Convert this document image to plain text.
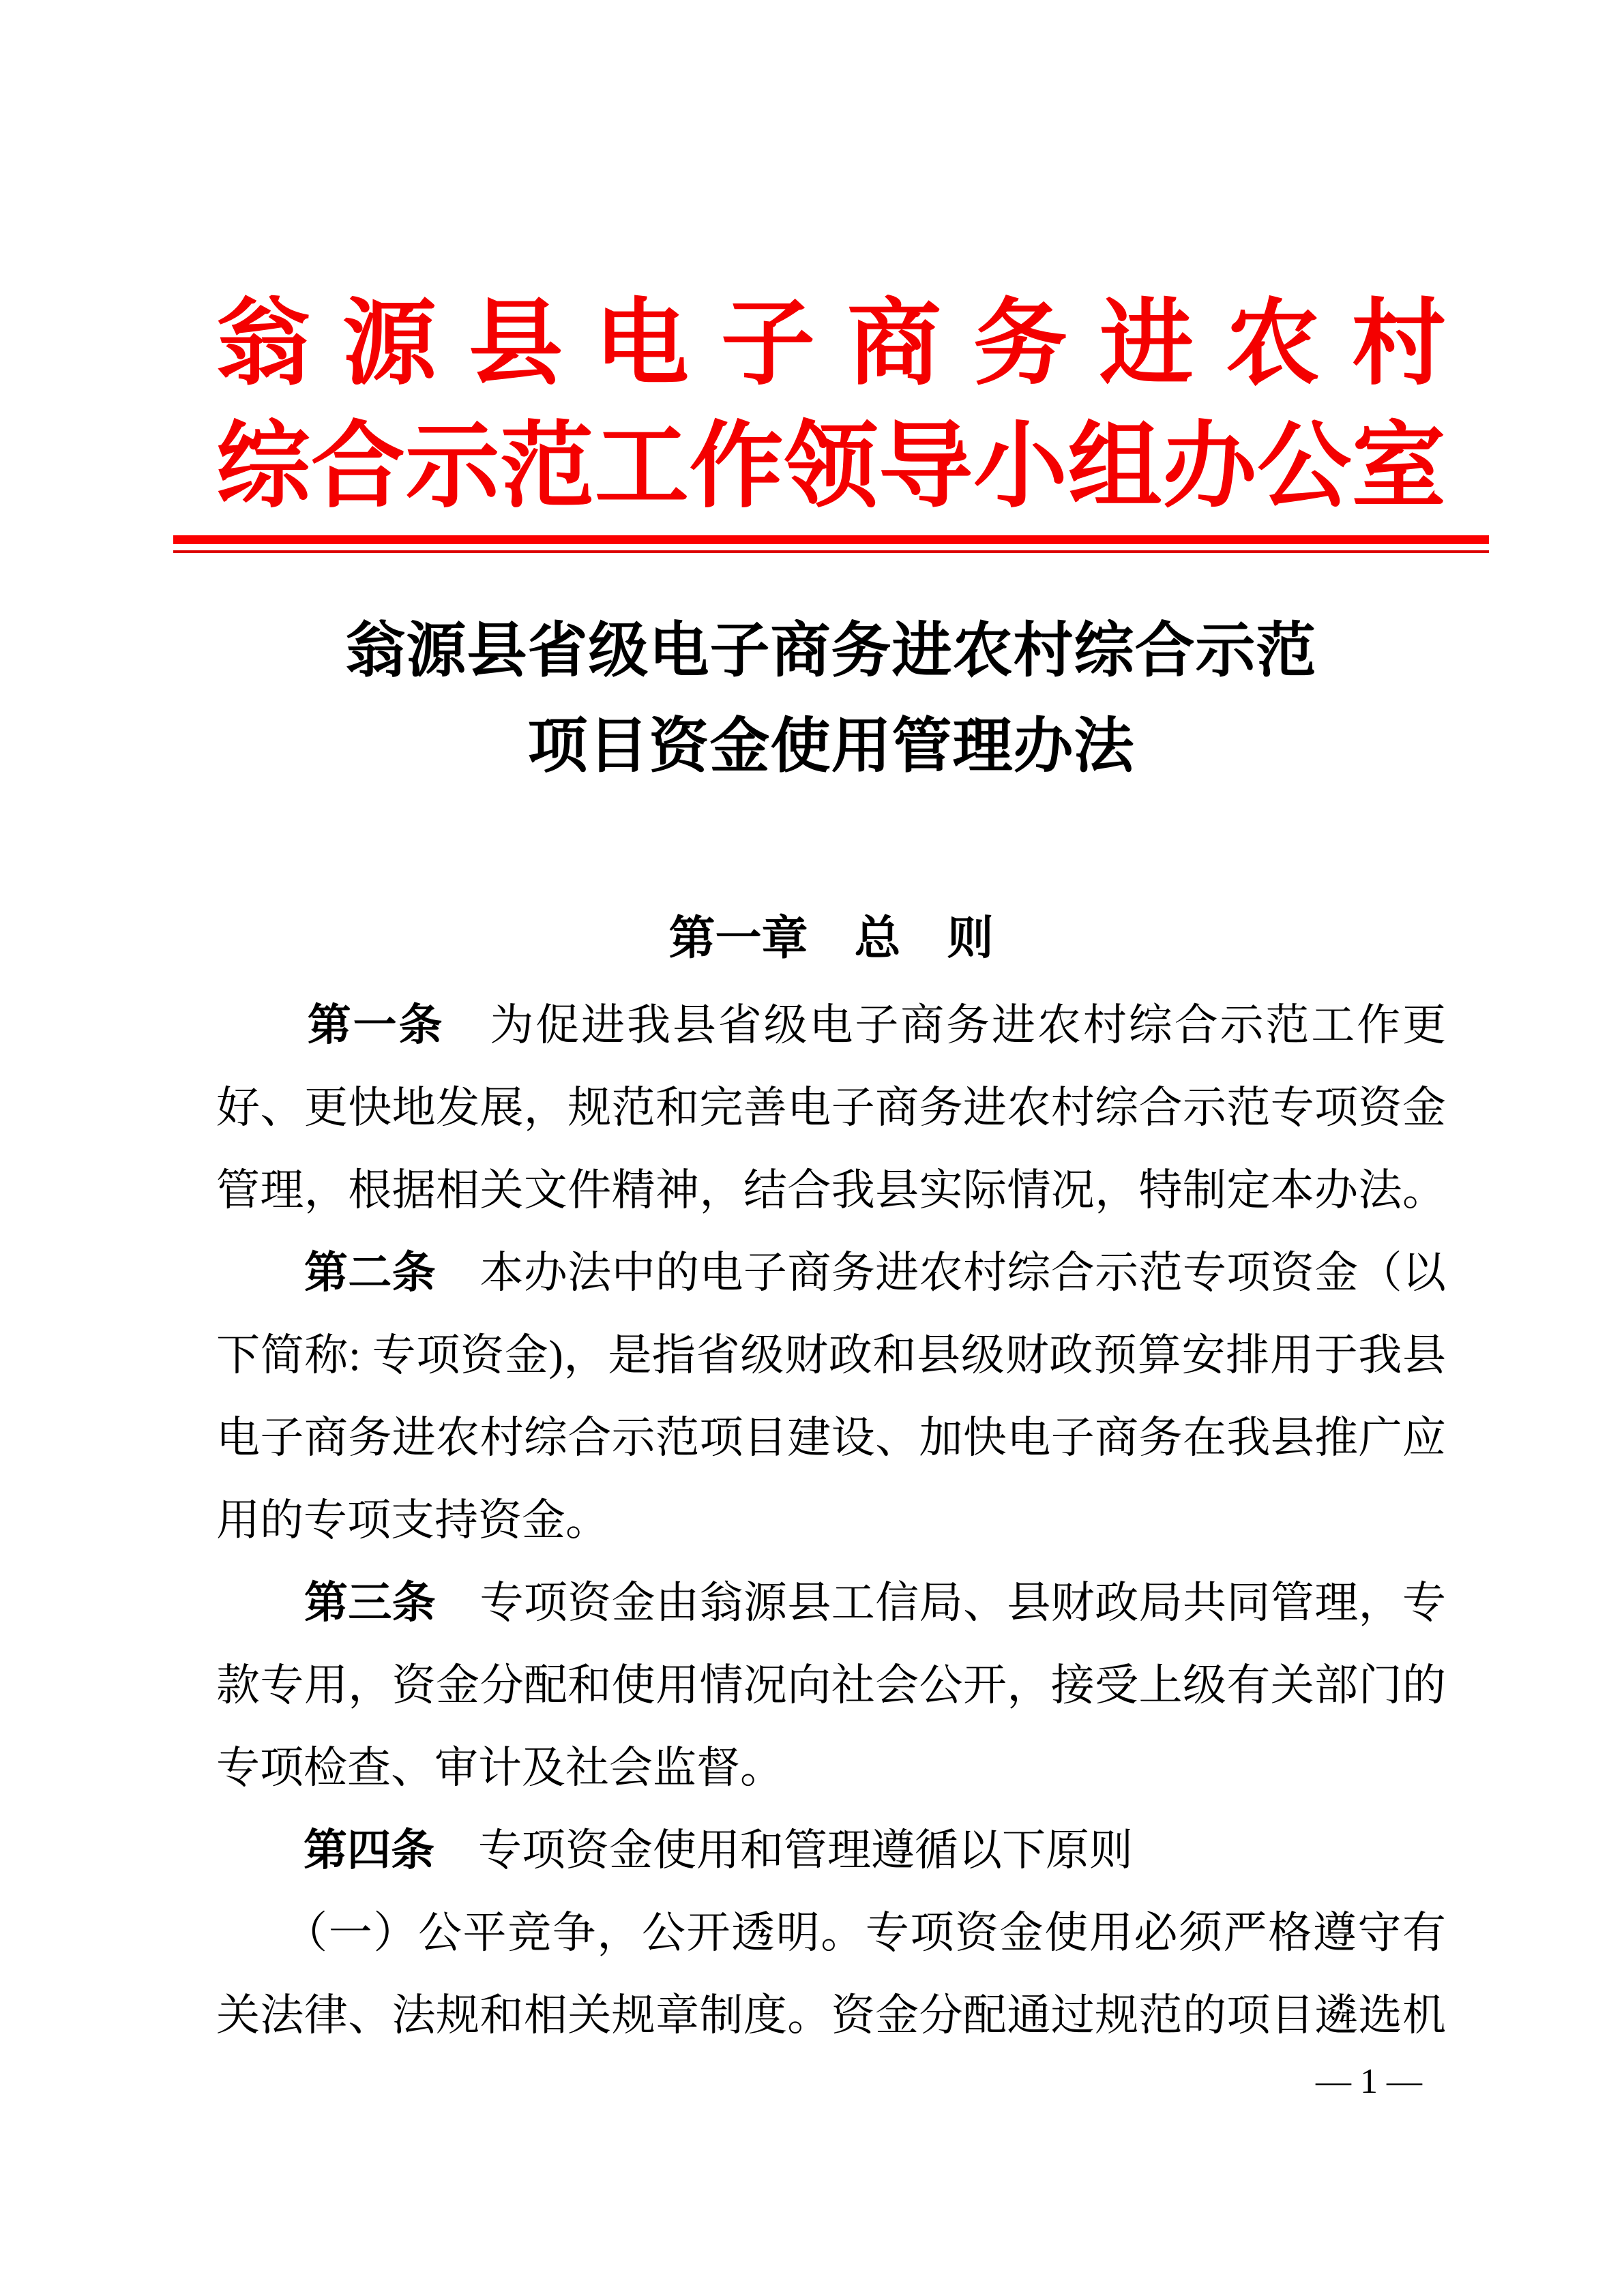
翁 源 县 电 子 商 务 进 农 村
综 合 示 范 工 作 领 导 小 组 办 公 室
翁源县省级电子商务进农村综合示范
项目资金使用管理办法
第一章　总　则
　　第一条　为促进我县省级电子商务进农村综合示范工作更
好、更快地发展，规范和完善电子商务进农村综合示范专项资金
管理，根据相关文件精神，结合我县实际情况，特制定本办法。
　　第二条　本办法中的电子商务进农村综合示范专项资金（以
下简称: 专项资金)，是指省级财政和县级财政预算安排用于我县
电子商务进农村综合示范项目建设、加快电子商务在我县推广应
用的专项支持资金。
　　第三条　专项资金由翁源县工信局、县财政局共同管理，专
款专用，资金分配和使用情况向社会公开，接受上级有关部门的
专项检查、审计及社会监督。
　　第四条　专项资金使用和管理遵循以下原则
　　（一）公平竞争，公开透明。专项资金使用必须严格遵守有
关法律、法规和相关规章制度。资金分配通过规范的项目遴选机
— 1 —
